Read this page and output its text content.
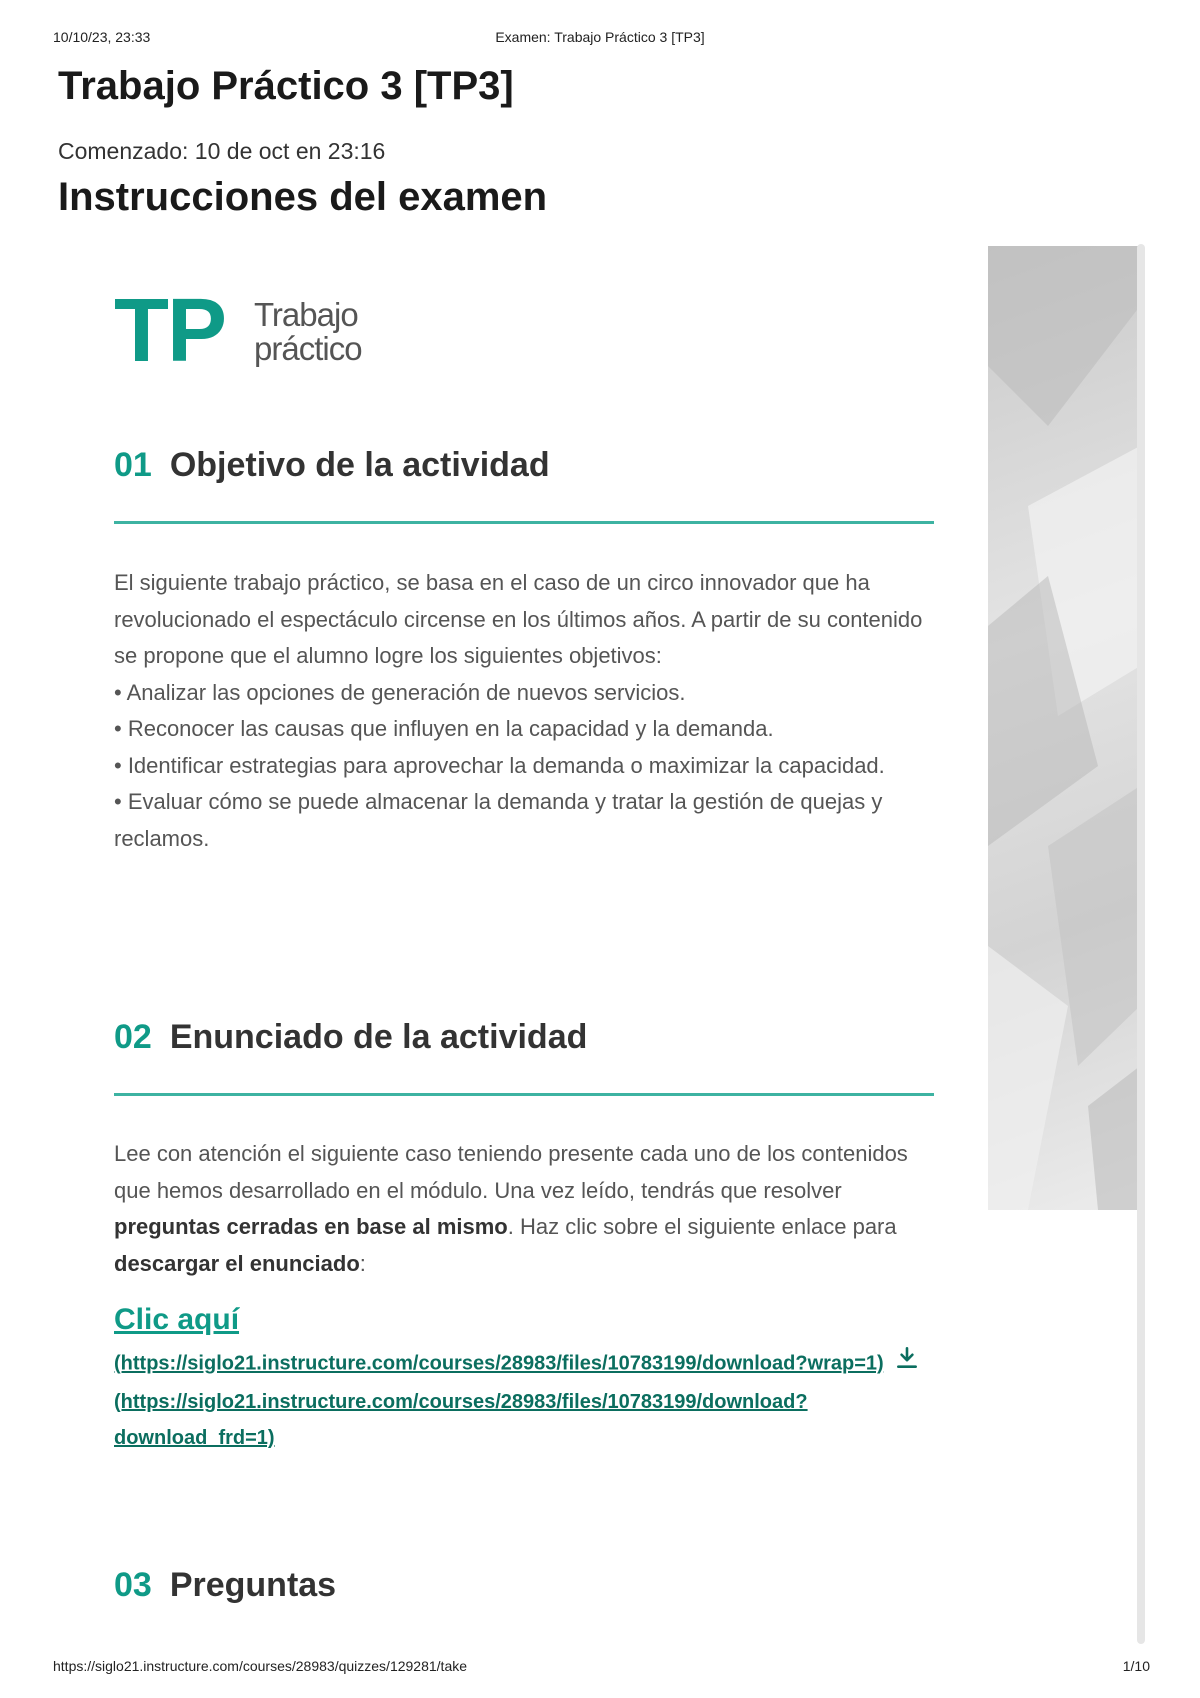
10/10/23, 23:33	Examen: Trabajo Práctico 3 [TP3]
Trabajo Práctico 3 [TP3]
Comenzado: 10 de oct en 23:16
Instrucciones del examen
TP Trabajo
práctico
01 Objetivo de la actividad

El siguiente trabajo práctico, se basa en el caso de un circo innovador que ha revolucionado el espectáculo circense en los últimos años. A partir de su contenido se propone que el alumno logre los siguientes objetivos:

• Analizar las opciones de generación de nuevos servicios.

• Reconocer las causas que influyen en la capacidad y la demanda.

• Identificar estrategias para aprovechar la demanda o maximizar la capacidad.

• Evaluar cómo se puede almacenar la demanda y tratar la gestión de quejas y reclamos.

02 Enunciado de la actividad

Lee con atención el siguiente caso teniendo presente cada uno de los contenidos que hemos desarrollado en el módulo. Una vez leído, tendrás que resolver preguntas cerradas en base al mismo. Haz clic sobre el siguiente enlace para descargar el enunciado:

Clic aquí
(https://siglo21.instructure.com/courses/28983/files/10783199/download?wrap=1)
(https://siglo21.instructure.com/courses/28983/files/10783199/download?download_frd=1)
03 Preguntas
https://siglo21.instructure.com/courses/28983/quizzes/129281/take	1/10
